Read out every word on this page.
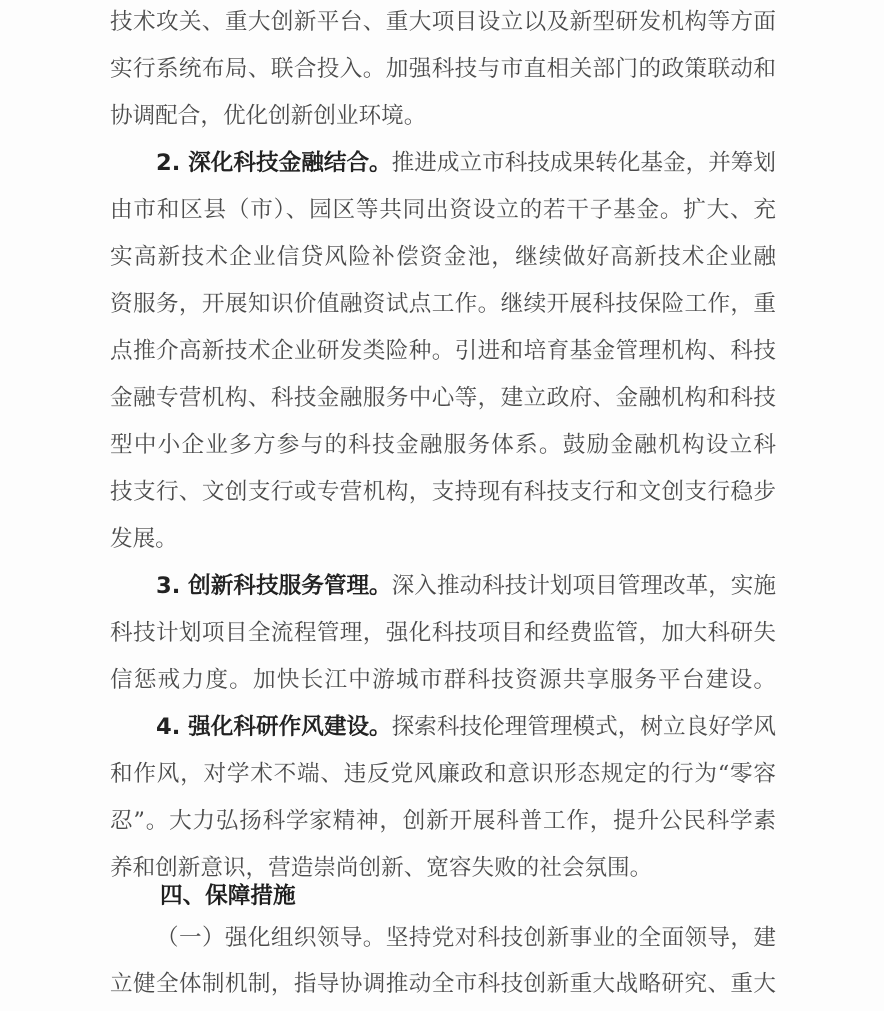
技术攻关、重大创新平台、重大项目设立以及新型研发机构等方面
实行系统布局、联合投入。加强科技与市直相关部门的政策联动和
协调配合，优化创新创业环境。
2. 深化科技金融结合。推进成立市科技成果转化基金，并筹划
由市和区县（市）、园区等共同出资设立的若干子基金。扩大、充
实高新技术企业信贷风险补偿资金池，继续做好高新技术企业融
资服务，开展知识价值融资试点工作。继续开展科技保险工作，重
点推介高新技术企业研发类险种。引进和培育基金管理机构、科技
金融专营机构、科技金融服务中心等，建立政府、金融机构和科技
型中小企业多方参与的科技金融服务体系。鼓励金融机构设立科
技支行、文创支行或专营机构，支持现有科技支行和文创支行稳步
发展。
3. 创新科技服务管理。深入推动科技计划项目管理改革，实施
科技计划项目全流程管理，强化科技项目和经费监管，加大科研失
信惩戒力度。加快长江中游城市群科技资源共享服务平台建设。
4. 强化科研作风建设。探索科技伦理管理模式，树立良好学风
和作风，对学术不端、违反党风廉政和意识形态规定的行为“零容
忍”。大力弘扬科学家精神，创新开展科普工作，提升公民科学素
养和创新意识，营造崇尚创新、宽容失败的社会氛围。
四、保障措施
（一）强化组织领导。坚持党对科技创新事业的全面领导，建
立健全体制机制，指导协调推动全市科技创新重大战略研究、重大
